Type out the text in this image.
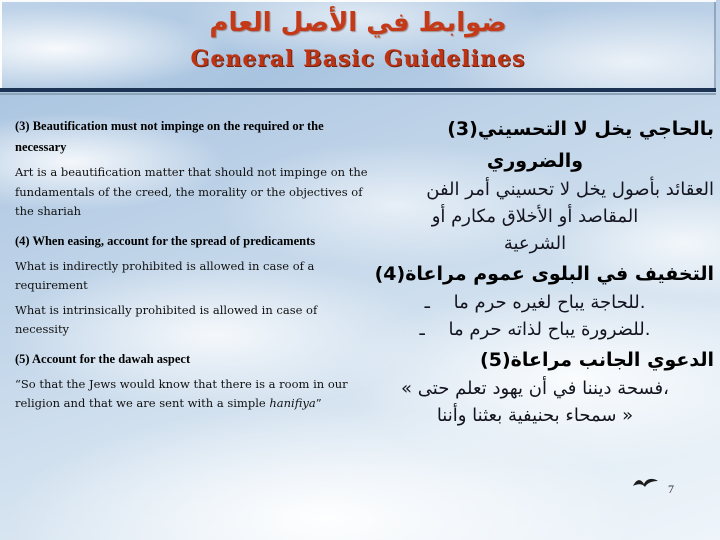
ضوابط في الأصل العام
General Basic Guidelines
(3) Beautification must not impinge on the required or the necessary
Art is a beautification matter that should not impinge on the fundamentals of the creed, the morality or the objectives of the shariah
(4) When easing, account for the spread of predicaments
What is indirectly prohibited is allowed in case of a requirement
What is intrinsically prohibited is allowed in case of necessity
(5) Account for the dawah aspect
“So that the Jews would know that there is a room in our religion and that we are sent with a simple hanifiya”
(3)التحسيني لا يخل بالحاجي
والضروري
الفن أمر تحسيني لا يخل بأصول العقائد
أو مكارم الأخلاق أو المقاصد
الشرعية
(4)مراعاة عموم البلوى في التخفيف
ـ ما حرم لغيره يباح للحاجة.
ـ ما حرم لذاته يباح للضرورة.
(5)مراعاة الجانب الدعوي
« حتى تعلم يهود أن في ديننا فسحة،
وأننا بعثنا بحنيفية سمحاء »
7
